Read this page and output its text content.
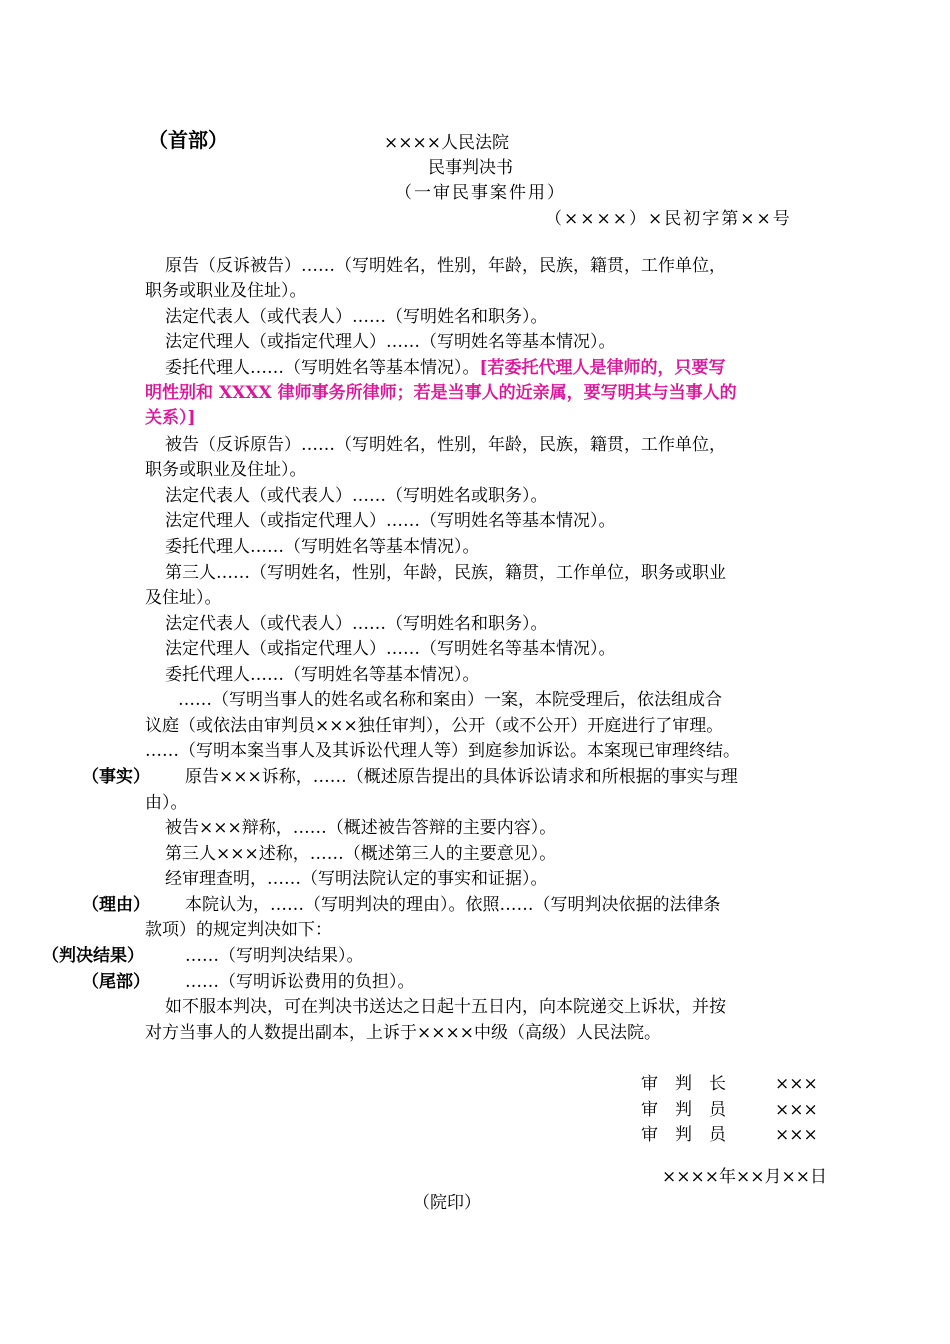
（首部）	××××人民法院
民事判决书
（一审民事案件用）
（××××）×民初字第××号
原告（反诉被告）……（写明姓名，性别，年龄，民族，籍贯，工作单位，
职务或职业及住址）。
法定代表人（或代表人）……（写明姓名和职务）。
法定代理人（或指定代理人）……（写明姓名等基本情况）。
委托代理人……（写明姓名等基本情况）。[若委托代理人是律师的，只要写
明性别和 XXXX 律师事务所律师；若是当事人的近亲属，要写明其与当事人的
关系）]
被告（反诉原告）……（写明姓名，性别，年龄，民族，籍贯，工作单位，
职务或职业及住址）。
法定代表人（或代表人）……（写明姓名或职务）。
法定代理人（或指定代理人）……（写明姓名等基本情况）。
委托代理人……（写明姓名等基本情况）。
第三人……（写明姓名，性别，年龄，民族，籍贯，工作单位，职务或职业
及住址）。
法定代表人（或代表人）……（写明姓名和职务）。
法定代理人（或指定代理人）……（写明姓名等基本情况）。
委托代理人……（写明姓名等基本情况）。
……（写明当事人的姓名或名称和案由）一案，本院受理后，依法组成合
议庭（或依法由审判员×××独任审判），公开（或不公开）开庭进行了审理。
……（写明本案当事人及其诉讼代理人等）到庭参加诉讼。本案现已审理终结。
（事实） 原告×××诉称，……（概述原告提出的具体诉讼请求和所根据的事实与理
由）。
被告×××辩称，……（概述被告答辩的主要内容）。
第三人×××述称，……（概述第三人的主要意见）。
经审理查明，……（写明法院认定的事实和证据）。
（理由） 本院认为，……（写明判决的理由）。依照……（写明判决依据的法律条
款项）的规定判决如下：
（判决结果） ……（写明判决结果）。
（尾部） ……（写明诉讼费用的负担）。
如不服本判决，可在判决书送达之日起十五日内，向本院递交上诉状，并按
对方当事人的人数提出副本，上诉于××××中级（高级）人民法院。
审　判　长	×××
审　判　员	×××
审　判　员	×××
××××年××月××日
（院印）
